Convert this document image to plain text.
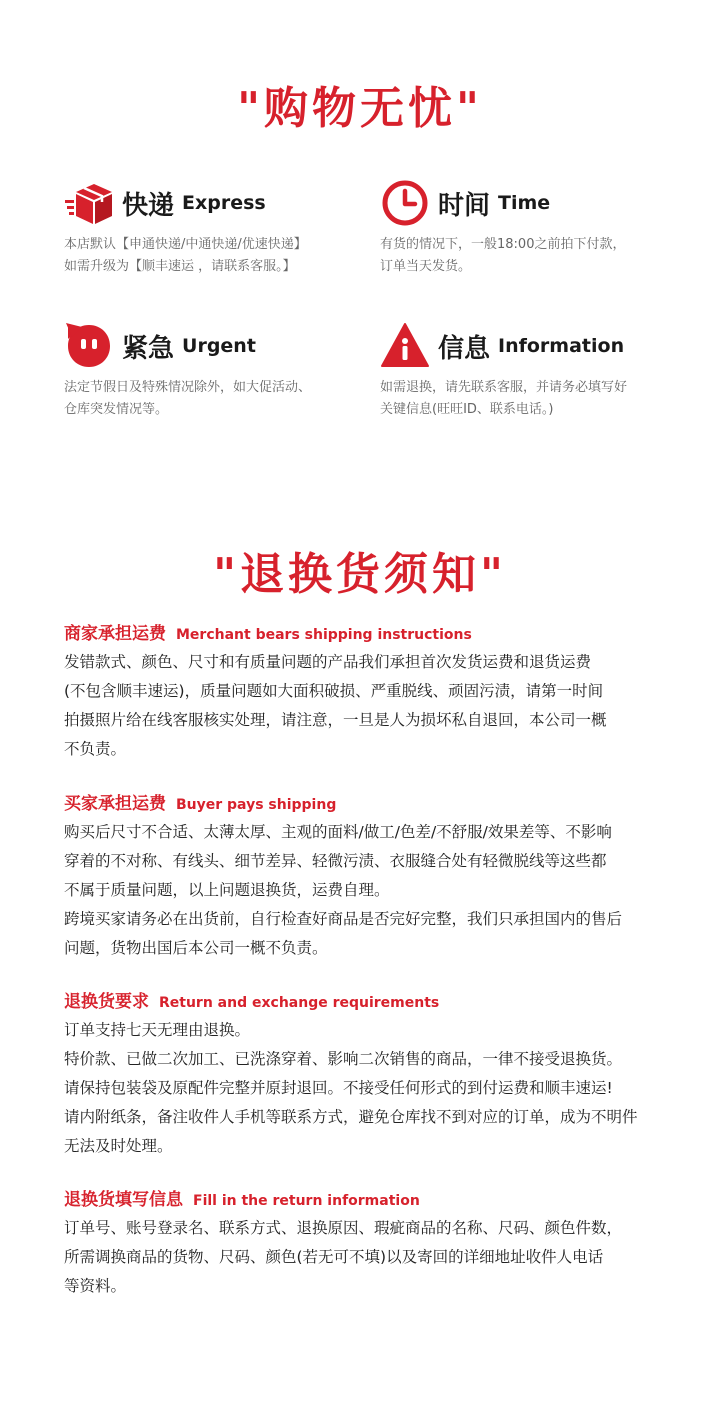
"购物无忧"
快递 Express

本店默认【申通快递/中通快递/优速快递】

如需升级为【顺丰速运 ，请联系客服。】

时间 Time

有货的情况下，一般18:00之前拍下付款，

订单当天发货。

紧急 Urgent

法定节假日及特殊情况除外，如大促活动、

仓库突发情况等。

信息 Information

如需退换，请先联系客服，并请务必填写好

关键信息(旺旺ID、联系电话。)

"退换货须知"
商家承担运费 Merchant bears shipping instructions

发错款式、颜色、尺寸和有质量问题的产品我们承担首次发货运费和退货运费

(不包含顺丰速运)，质量问题如大面积破损、严重脱线、顽固污渍，请第一时间

拍摄照片给在线客服核实处理，请注意，一旦是人为损坏私自退回，本公司一概

不负责。

买家承担运费 Buyer pays shipping

购买后尺寸不合适、太薄太厚、主观的面料/做工/色差/不舒服/效果差等、不影响

穿着的不对称、有线头、细节差异、轻微污渍、衣服缝合处有轻微脱线等这些都

不属于质量问题，以上问题退换货，运费自理。

跨境买家请务必在出货前，自行检查好商品是否完好完整，我们只承担国内的售后

问题，货物出国后本公司一概不负责。

退换货要求 Return and exchange requirements

订单支持七天无理由退换。

特价款、已做二次加工、已洗涤穿着、影响二次销售的商品，一律不接受退换货。

请保持包装袋及原配件完整并原封退回。不接受任何形式的到付运费和顺丰速运!

请内附纸条，备注收件人手机等联系方式，避免仓库找不到对应的订单，成为不明件

无法及时处理。

退换货填写信息 Fill in the return information

订单号、账号登录名、联系方式、退换原因、瑕疵商品的名称、尺码、颜色件数，

所需调换商品的货物、尺码、颜色(若无可不填)以及寄回的详细地址收件人电话

等资料。
